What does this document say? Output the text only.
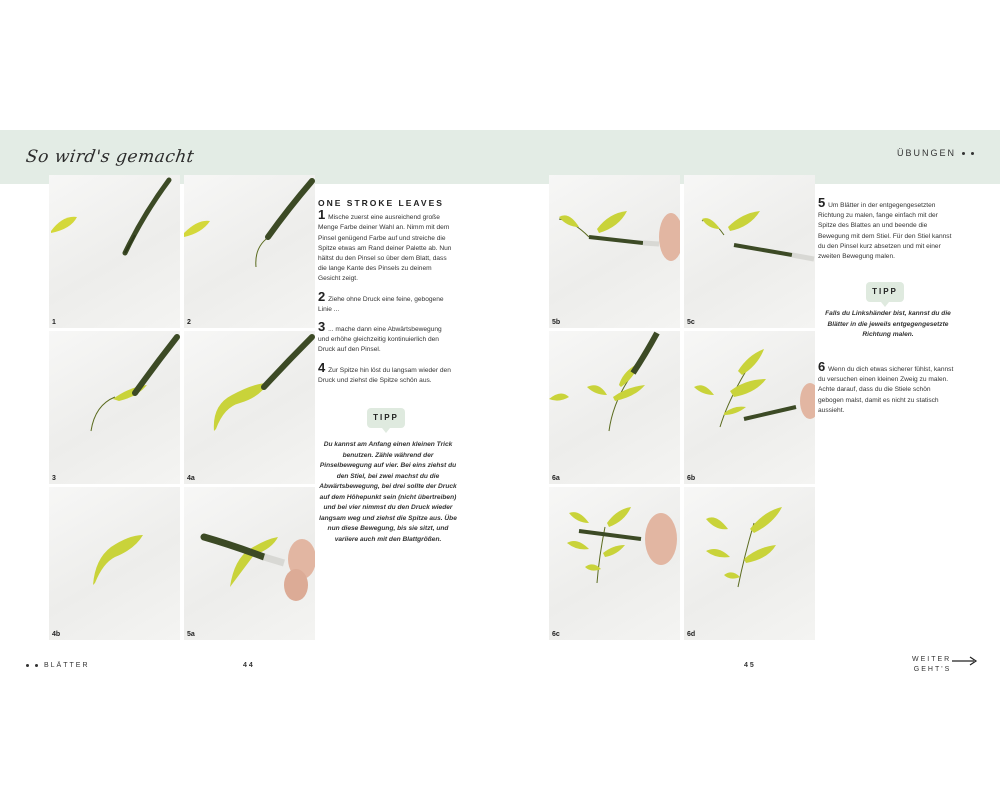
So wird's gemacht	ÜBUNGEN
1	2
3	4a
4b	5a
ONE STROKE LEAVES
1 Mische zuerst eine ausreichend große Menge Farbe deiner Wahl an. Nimm mit dem Pinsel genügend Farbe auf und streiche die Spitze etwas am Rand deiner Palette ab. Nun hältst du den Pinsel so über dem Blatt, dass die lange Kante des Pinsels zu deinem Gesicht zeigt.
2 Ziehe ohne Druck eine feine, gebogene Linie ...
3 ... mache dann eine Abwärtsbewegung und erhöhe gleichzeitig kontinuierlich den Druck auf den Pinsel.
4 Zur Spitze hin löst du langsam wieder den Druck und ziehst die Spitze schön aus.
TIPP
Du kannst am Anfang einen kleinen Trick benutzen. Zähle während der Pinselbewegung auf vier. Bei eins ziehst du den Stiel, bei zwei machst du die Abwärtsbewegung, bei drei sollte der Druck auf dem Höhepunkt sein (nicht übertreiben) und bei vier nimmst du den Druck wieder langsam weg und ziehst die Spitze aus. Übe nun diese Bewegung, bis sie sitzt, und variiere auch mit den Blattgrößen.
5b	5c
6a	6b
6c	6d
5 Um Blätter in der entgegengesetzten Richtung zu malen, fange einfach mit der Spitze des Blattes an und beende die Bewegung mit dem Stiel. Für den Stiel kannst du den Pinsel kurz absetzen und mit einer zweiten Bewegung malen.
TIPP
Falls du Linkshänder bist, kannst du die Blätter in die jeweils entgegengesetzte Richtung malen.
6 Wenn du dich etwas sicherer fühlst, kannst du versuchen einen kleinen Zweig zu malen. Achte darauf, dass du die Stiele schön gebogen malst, damit es nicht zu statisch aussieht.
BLÄTTER	44	45
WEITER
GEHT'S
